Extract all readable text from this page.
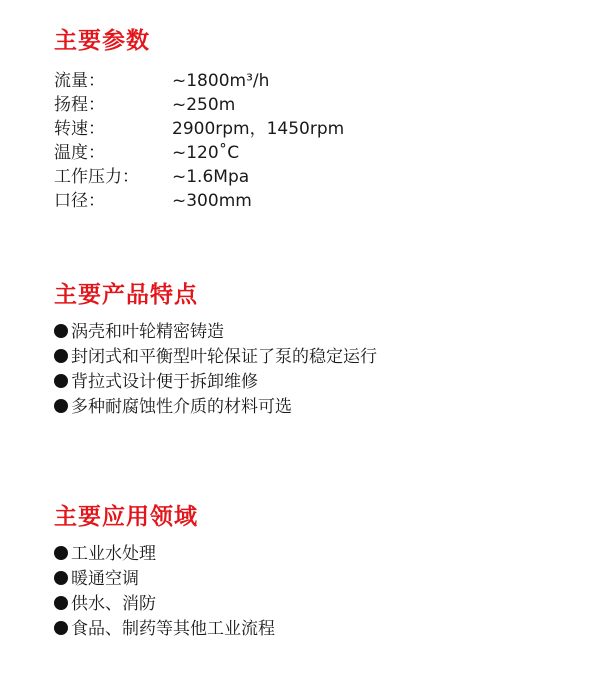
主要参数
流量：	~1800m³/h
扬程：	~250m
转速：	2900rpm，1450rpm
温度：	~120˚C
工作压力： ~1.6Mpa
口径：	~300mm
主要产品特点
涡壳和叶轮精密铸造
封闭式和平衡型叶轮保证了泵的稳定运行
背拉式设计便于拆卸维修
多种耐腐蚀性介质的材料可选
主要应用领域
工业水处理
暖通空调
供水、消防
食品、制药等其他工业流程
